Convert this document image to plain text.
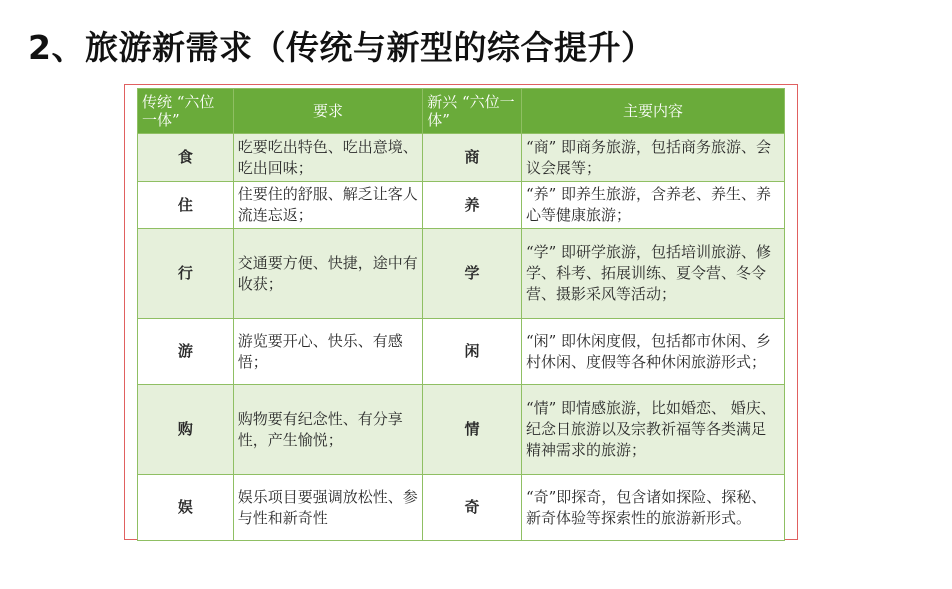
2、旅游新需求（传统与新型的综合提升）
传统 “六位一体”	要求	新兴 “六位一体”	主要内容
食	吃要吃出特色、吃出意境、吃出回味；	商	“商” 即商务旅游，包括商务旅游、会议会展等；
住	住要住的舒服、解乏让客人流连忘返；	养	“养” 即养生旅游，含养老、养生、养心等健康旅游；
行	交通要方便、快捷，途中有收获；	学	“学” 即研学旅游，包括培训旅游、修学、科考、拓展训练、夏令营、冬令营、摄影采风等活动；
游	游览要开心、快乐、有感悟；	闲	“闲” 即休闲度假，包括都市休闲、乡村休闲、度假等各种休闲旅游形式；
购	购物要有纪念性、有分享性，产生愉悦；	情	“情” 即情感旅游，比如婚恋、 婚庆、纪念日旅游以及宗教祈福等各类满足精神需求的旅游；
娱	娱乐项目要强调放松性、参与性和新奇性	奇	“奇”即探奇，包含诸如探险、探秘、新奇体验等探索性的旅游新形式。
